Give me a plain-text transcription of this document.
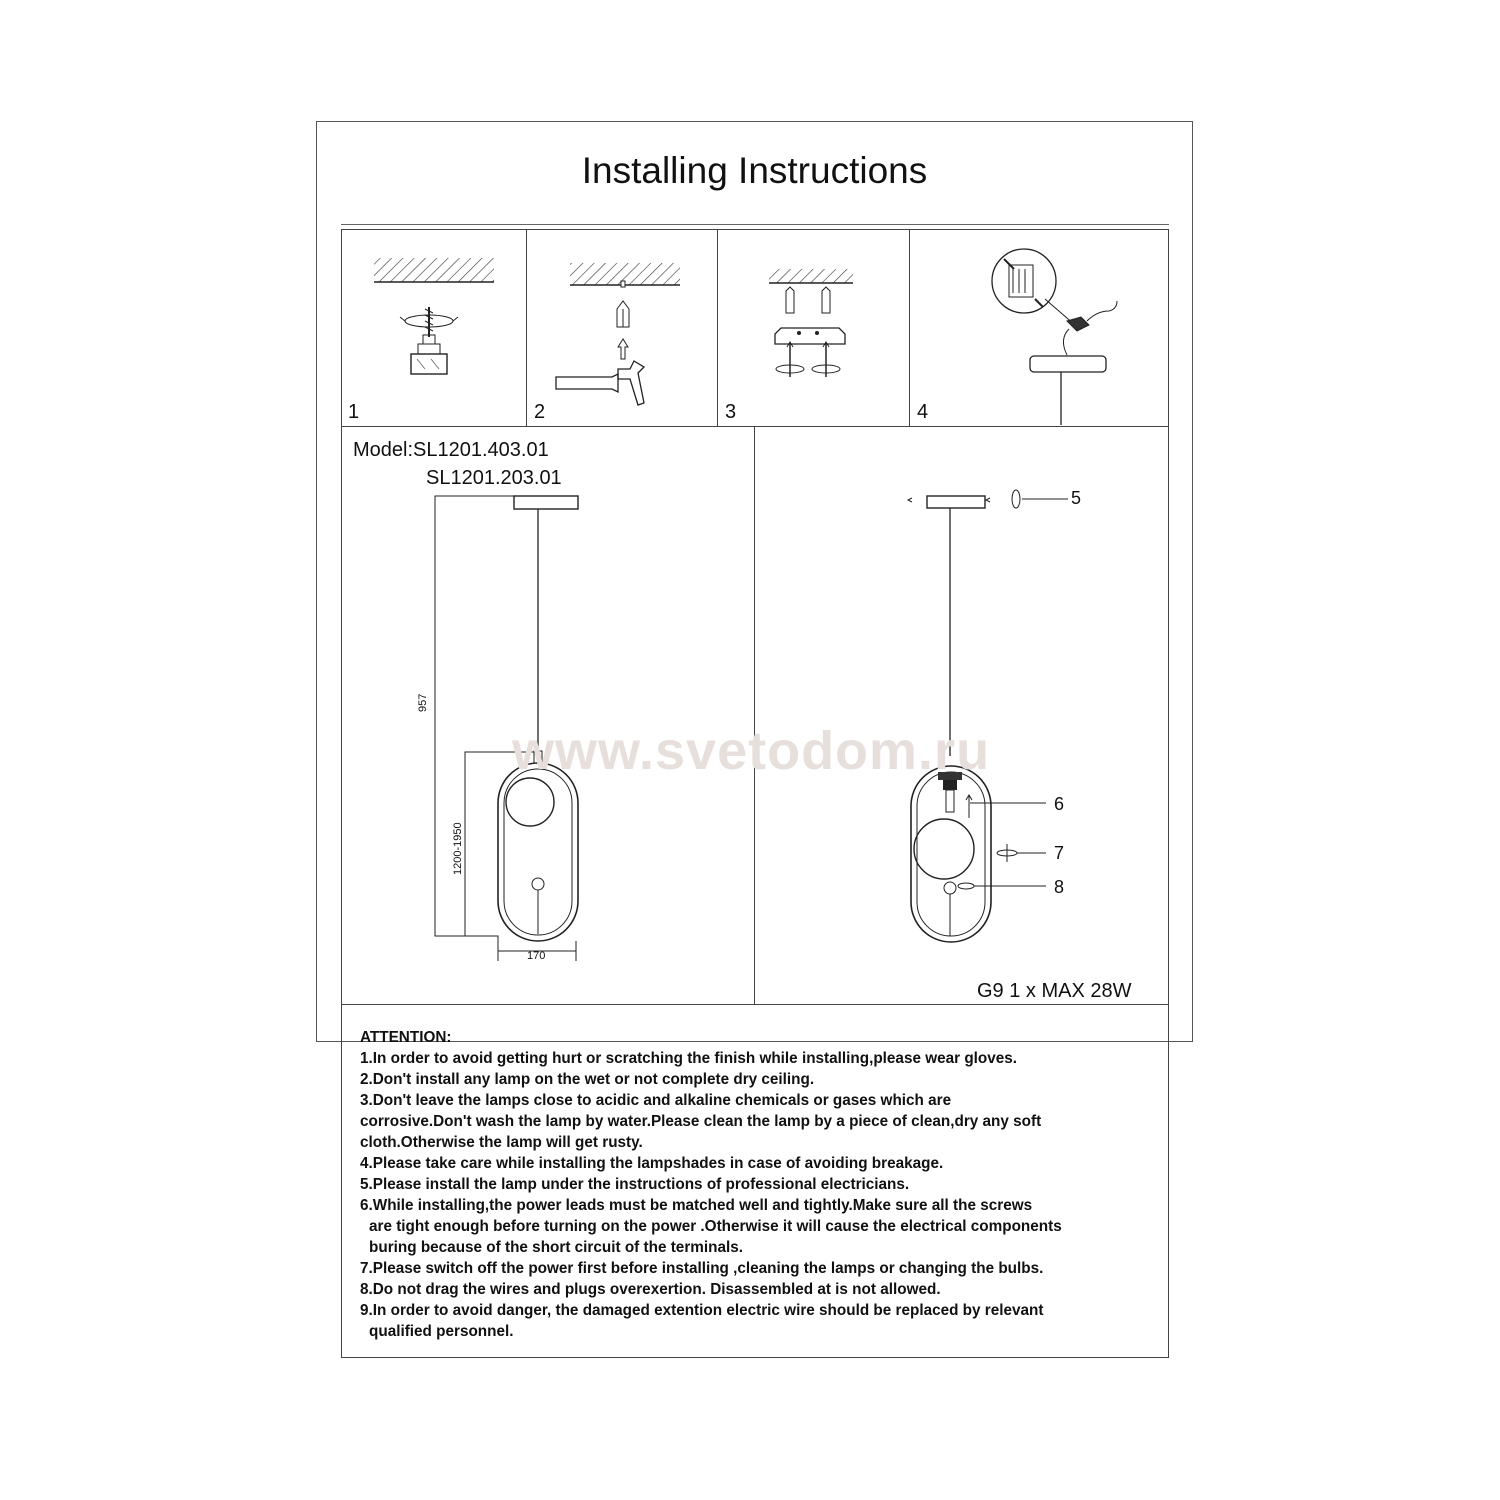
Installing Instructions
1	2	3	4
Model:SL1201.403.01
SL1201.203.01
957
1200-1950
170
5
6
7
8
www.svetodom.ru
G9 1 x MAX 28W
ATTENTION:
1.In order to avoid getting hurt or scratching the finish while installing,please wear gloves.
2.Don't install any lamp on the wet or not complete dry ceiling.
3.Don't leave the lamps close to acidic and alkaline chemicals or gases which are
corrosive.Don't wash the lamp by water.Please clean the lamp by a piece of clean,dry any soft
cloth.Otherwise the lamp will get rusty.
4.Please take care while installing the lampshades in case of avoiding breakage.
5.Please install the lamp under the instructions of professional electricians.
6.While installing,the power leads must be matched well and tightly.Make sure all the screws
are tight enough before turning on the power .Otherwise it will cause the electrical components
buring because of the short circuit of the terminals.
7.Please switch off the power first before installing ,cleaning the lamps or changing the bulbs.
8.Do not drag the wires and plugs overexertion. Disassembled at is not allowed.
9.In order to avoid danger, the damaged extention electric wire should be replaced by relevant
qualified personnel.
